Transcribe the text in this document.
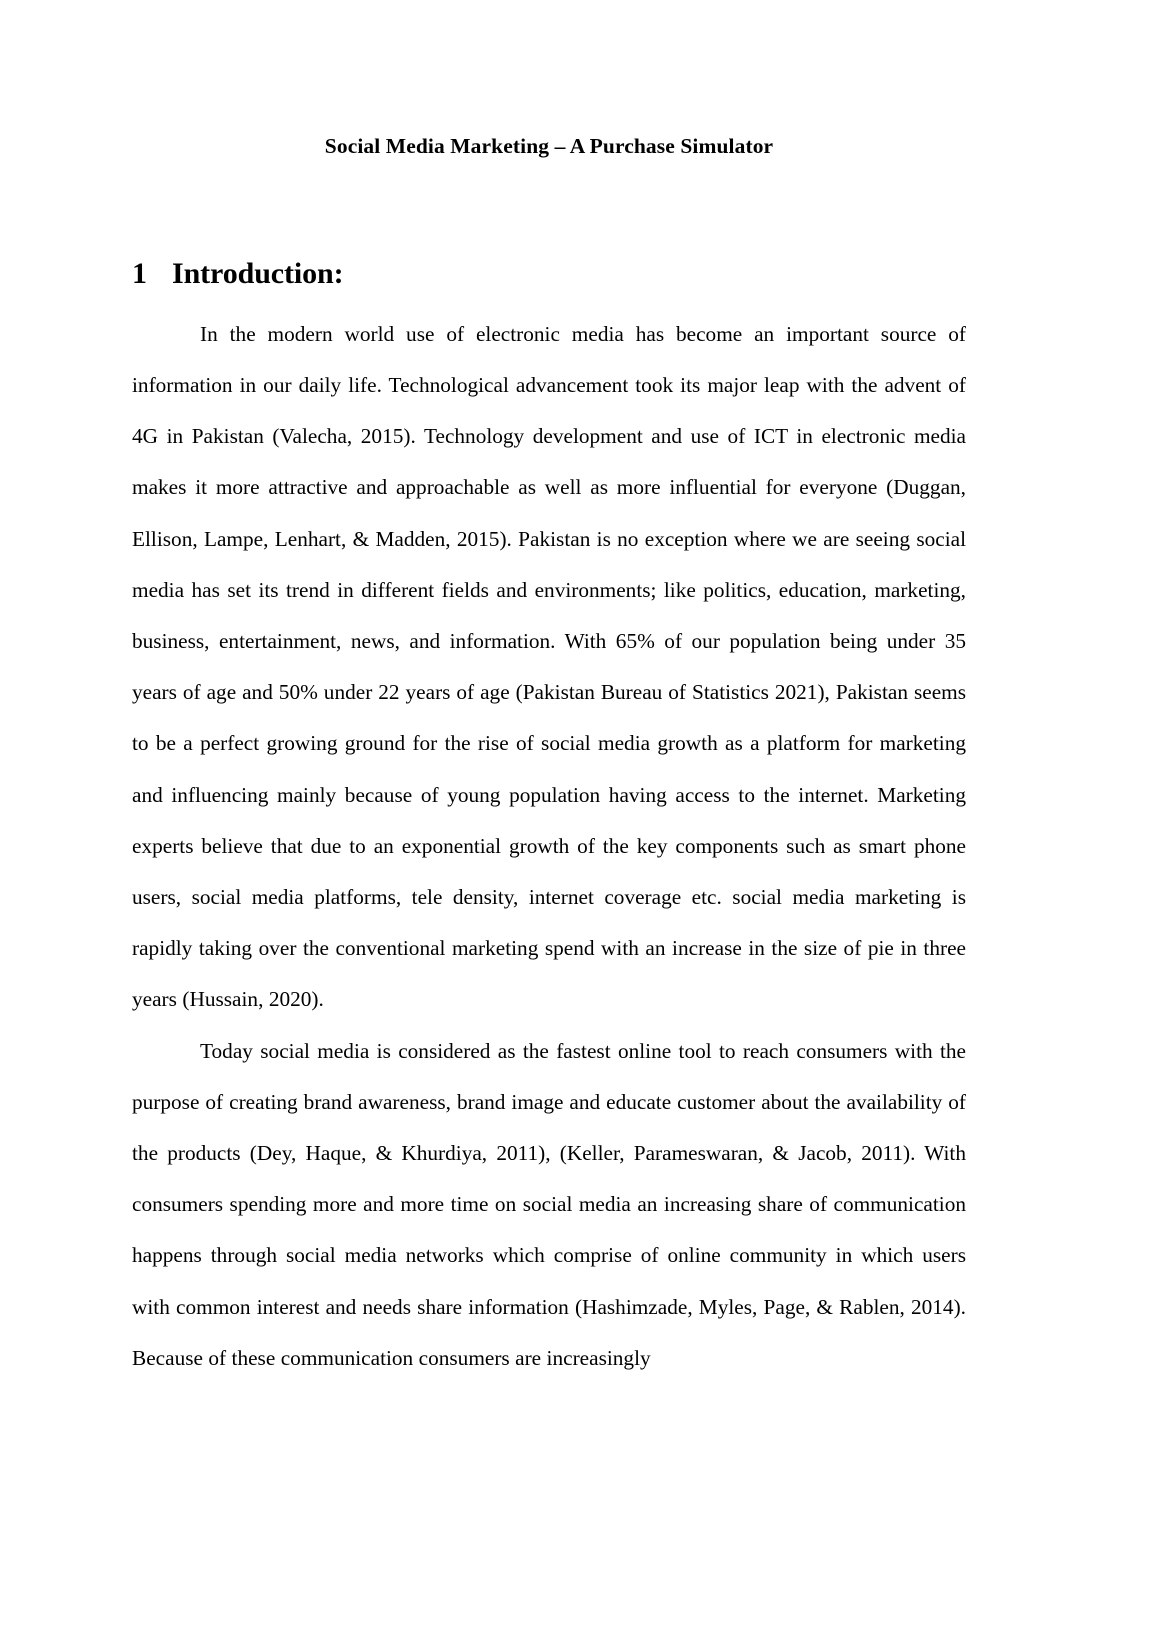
Social Media Marketing – A Purchase Simulator
1 Introduction:

In the modern world use of electronic media has become an important source of information in our daily life. Technological advancement took its major leap with the advent of 4G in Pakistan (Valecha, 2015). Technology development and use of ICT in electronic media makes it more attractive and approachable as well as more influential for everyone (Duggan, Ellison, Lampe, Lenhart, & Madden, 2015). Pakistan is no exception where we are seeing social media has set its trend in different fields and environments; like politics, education, marketing, business, entertainment, news, and information. With 65% of our population being under 35 years of age and 50% under 22 years of age (Pakistan Bureau of Statistics 2021), Pakistan seems to be a perfect growing ground for the rise of social media growth as a platform for marketing and influencing mainly because of young population having access to the internet. Marketing experts believe that due to an exponential growth of the key components such as smart phone users, social media platforms, tele density, internet coverage etc. social media marketing is rapidly taking over the conventional marketing spend with an increase in the size of pie in three years (Hussain, 2020).

Today social media is considered as the fastest online tool to reach consumers with the purpose of creating brand awareness, brand image and educate customer about the availability of the products (Dey, Haque, & Khurdiya, 2011), (Keller, Parameswaran, & Jacob, 2011). With consumers spending more and more time on social media an increasing share of communication happens through social media networks which comprise of online community in which users with common interest and needs share information (Hashimzade, Myles, Page, & Rablen, 2014). Because of these communication consumers are increasingly
